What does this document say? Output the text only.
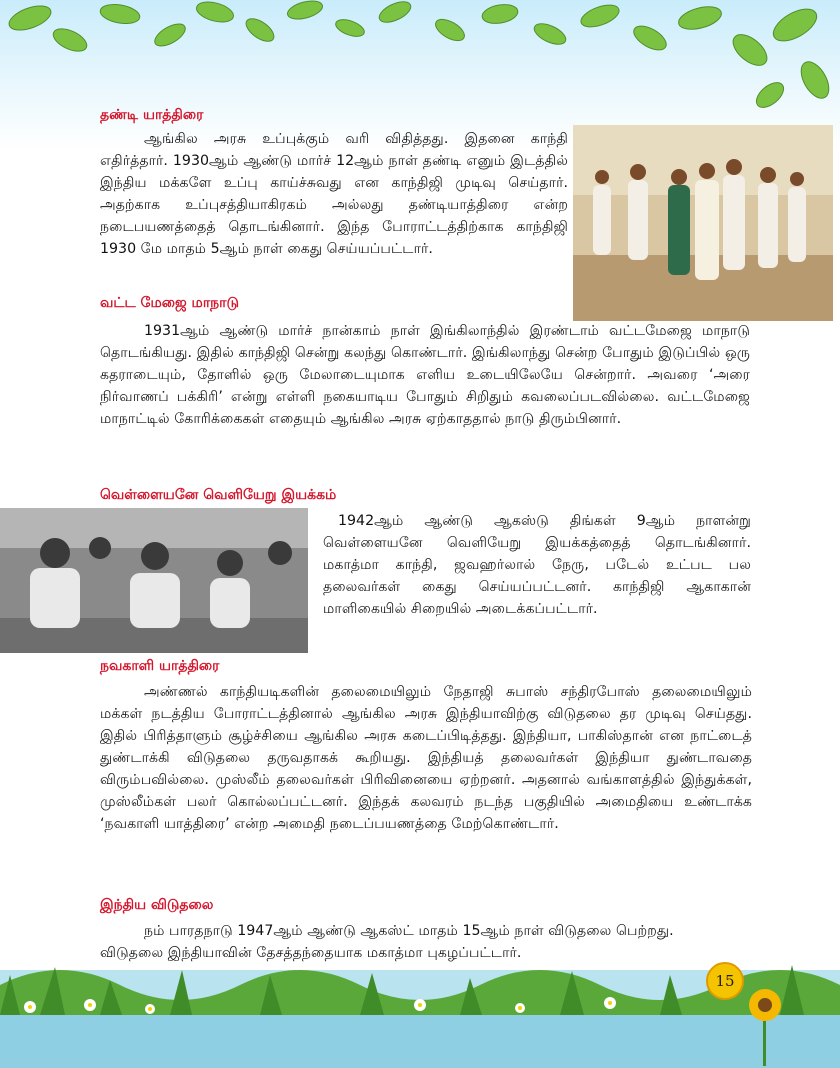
தண்டி யாத்திரை

ஆங்கில அரசு உப்புக்கும் வரி விதித்தது. இதனை காந்தி எதிர்த்தார். 1930ஆம் ஆண்டு மார்ச் 12ஆம் நாள் தண்டி எனும் இடத்தில் இந்திய மக்களே உப்பு காய்ச்சுவது என காந்திஜி முடிவு செய்தார். அதற்காக உப்புசத்தியாகிரகம் அல்லது தண்டியாத்திரை என்ற நடைபயணத்தைத் தொடங்கினார். இந்த போராட்டத்திற்காக காந்திஜி 1930 மே மாதம் 5ஆம் நாள் கைது செய்யப்பட்டார்.

வட்ட மேஜை மாநாடு

1931ஆம் ஆண்டு மார்ச் நான்காம் நாள் இங்கிலாந்தில் இரண்டாம் வட்டமேஜை மாநாடு தொடங்கியது. இதில் காந்திஜி சென்று கலந்து கொண்டார். இங்கிலாந்து சென்ற போதும் இடுப்பில் ஒரு கதராடையும், தோளில் ஒரு மேலாடையுமாக எளிய உடையிலேயே சென்றார். அவரை ‘அரை நிர்வாணப் பக்கிரி’ என்று எள்ளி நகையாடிய போதும் சிறிதும் கவலைப்படவில்லை. வட்டமேஜை மாநாட்டில் கோரிக்கைகள் எதையும் ஆங்கில அரசு ஏற்காததால் நாடு திரும்பினார்.

வெள்ளையனே வெளியேறு இயக்கம்

1942ஆம் ஆண்டு ஆகஸ்டு திங்கள் 9ஆம் நாளன்று வெள்ளையனே வெளியேறு இயக்கத்தைத் தொடங்கினார். மகாத்மா காந்தி, ஜவஹர்லால் நேரு, படேல் உட்பட பல தலைவர்கள் கைது செய்யப்பட்டனர். காந்திஜி ஆகாகான் மாளிகையில் சிறையில் அடைக்கப்பட்டார்.

நவகாளி யாத்திரை

அண்ணல் காந்தியடிகளின் தலைமையிலும் நேதாஜி சுபாஸ் சந்திரபோஸ் தலைமையிலும் மக்கள் நடத்திய போராட்டத்தினால் ஆங்கில அரசு இந்தியாவிற்கு விடுதலை தர முடிவு செய்தது. இதில் பிரித்தாளும் சூழ்ச்சியை ஆங்கில அரசு கடைப்பிடித்தது. இந்தியா, பாகிஸ்தான் என நாட்டைத் துண்டாக்கி விடுதலை தருவதாகக் கூறியது. இந்தியத் தலைவர்கள் இந்தியா துண்டாவதை விரும்பவில்லை. முஸ்லீம் தலைவர்கள் பிரிவினையை ஏற்றனர். அதனால் வங்காளத்தில் இந்துக்கள், முஸ்லீம்கள் பலர் கொல்லப்பட்டனர். இந்தக் கலவரம் நடந்த பகுதியில் அமைதியை உண்டாக்க ‘நவகாளி யாத்திரை’ என்ற அமைதி நடைப்பயணத்தை மேற்கொண்டார்.

இந்திய விடுதலை

நம் பாரதநாடு 1947ஆம் ஆண்டு ஆகஸ்ட் மாதம் 15ஆம் நாள் விடுதலை பெற்றது.

விடுதலை இந்தியாவின் தேசத்தந்தையாக மகாத்மா புகழப்பட்டார்.

15
